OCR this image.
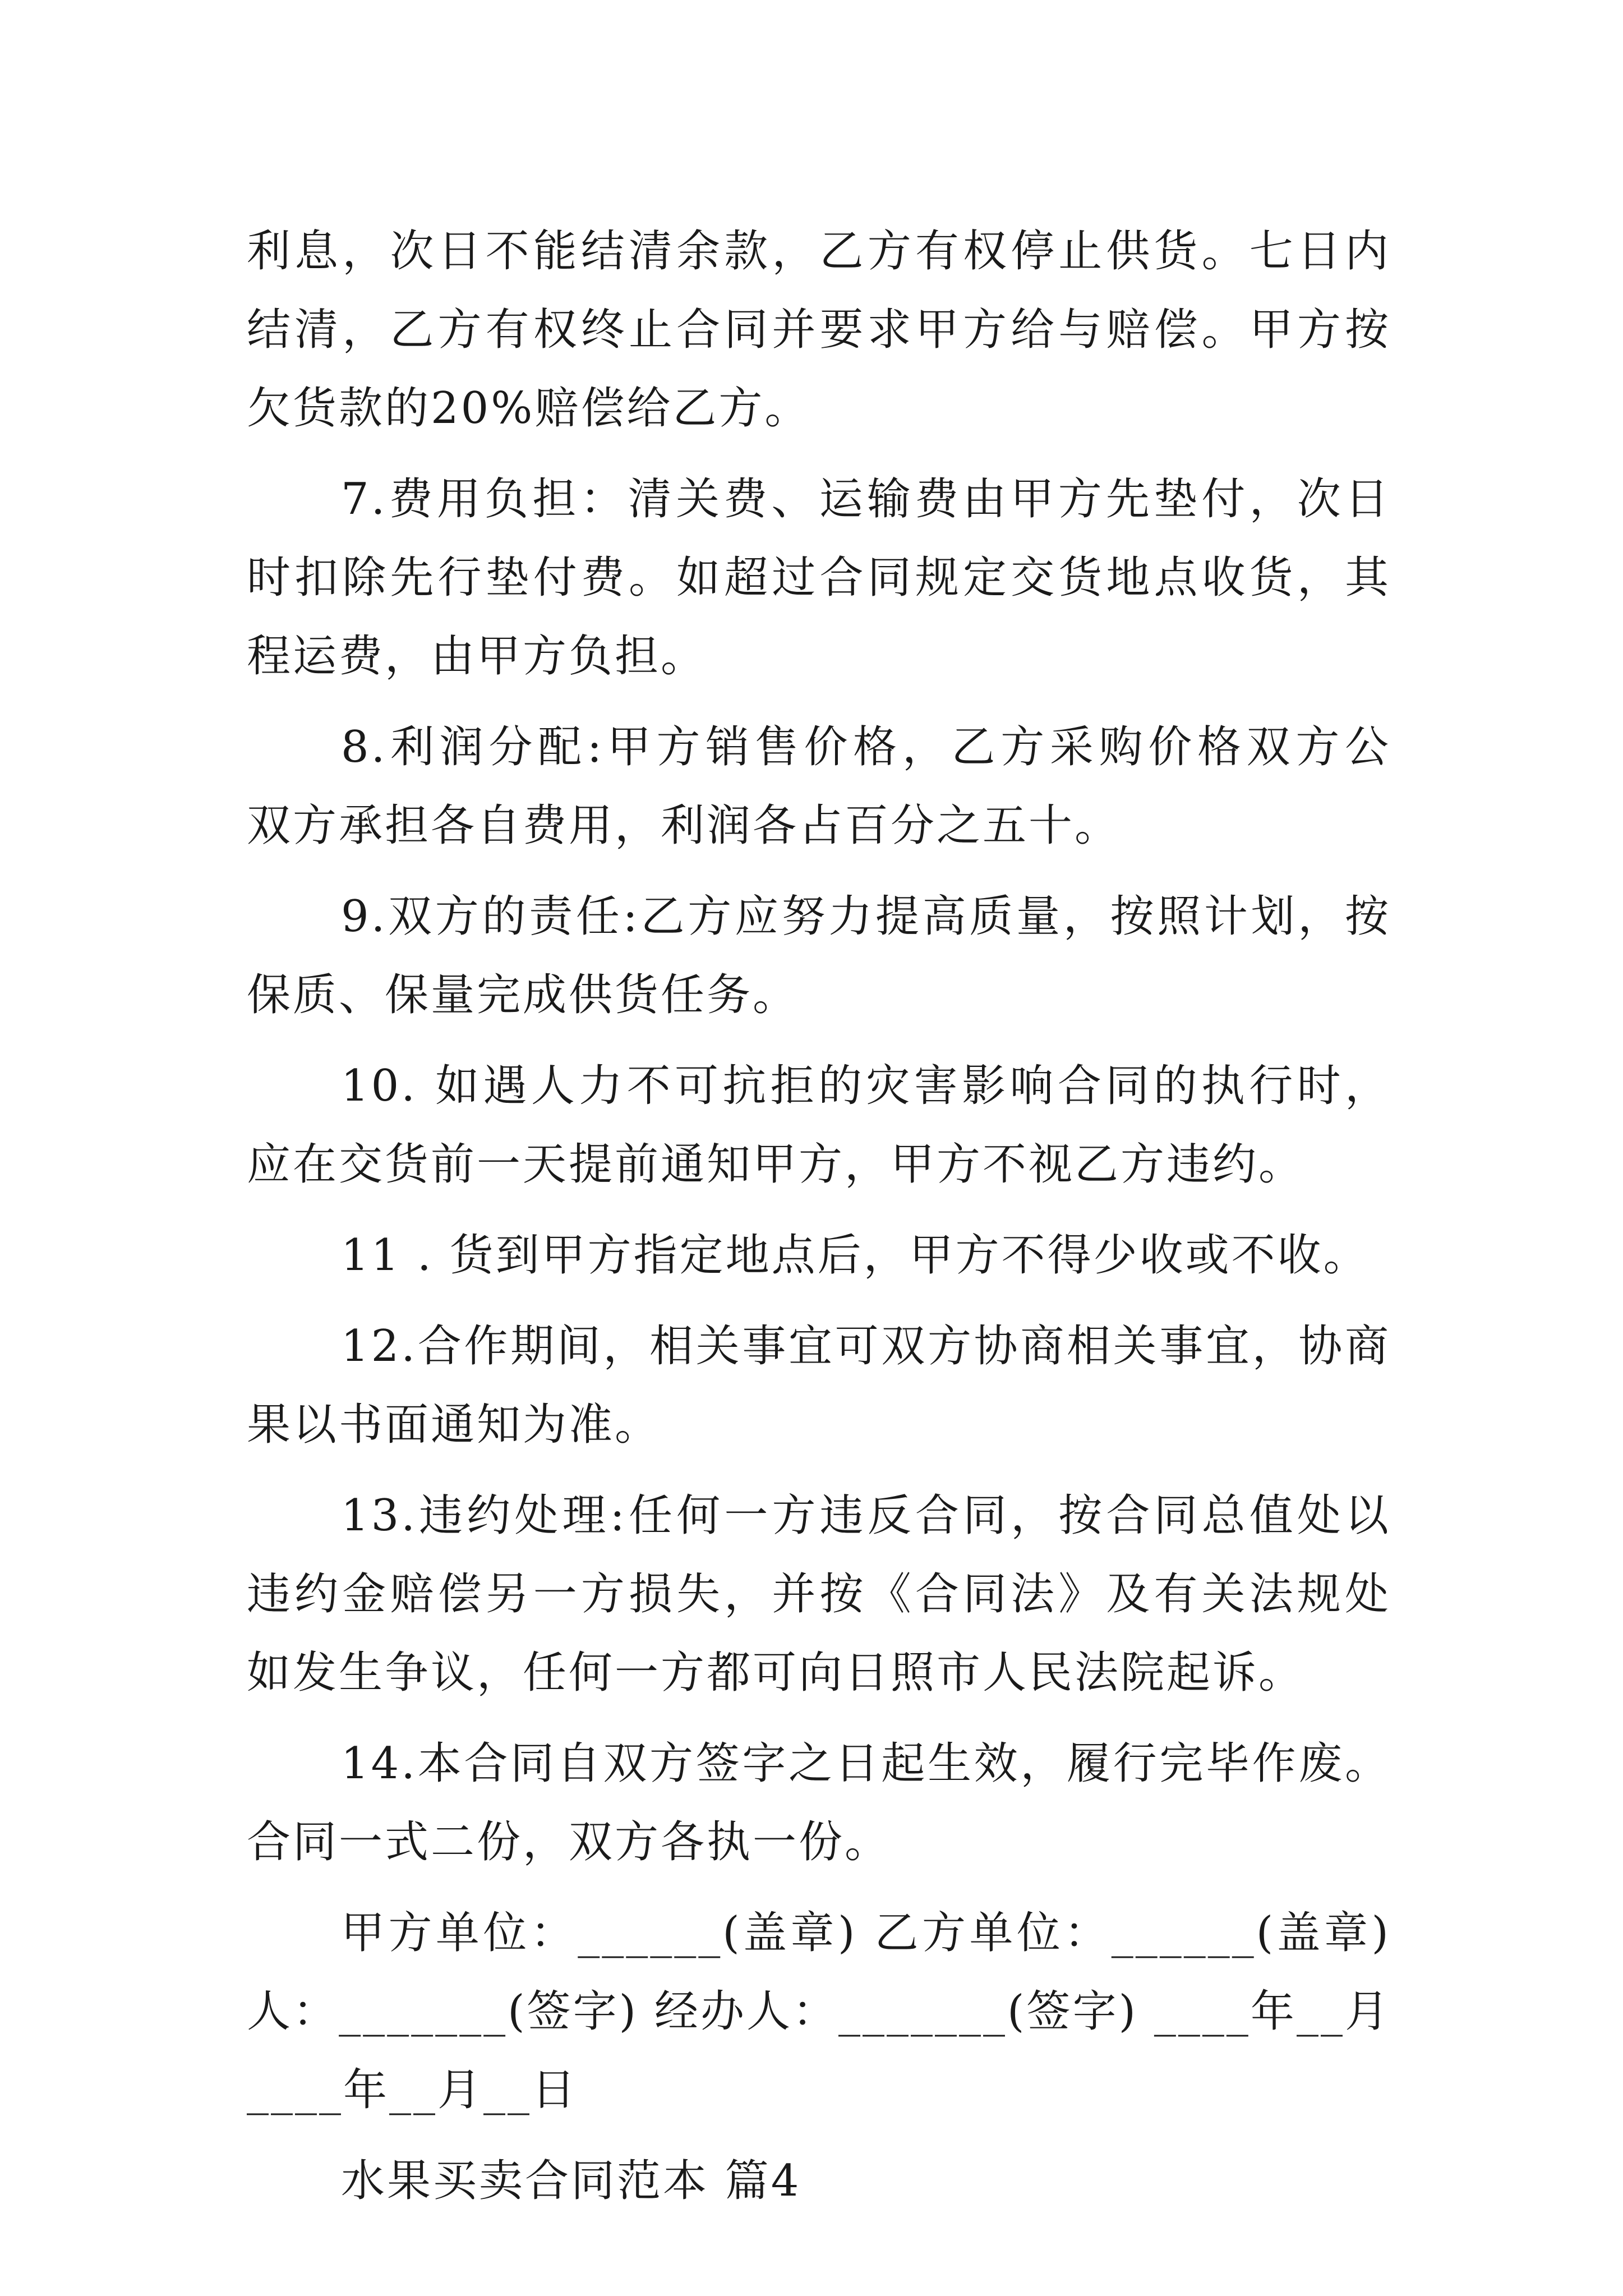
利息，次日不能结清余款，乙方有权停止供货。七日内
结清，乙方有权终止合同并要求甲方给与赔偿。甲方按
欠货款的20%赔偿给乙方。
7.费用负担：清关费、运输费由甲方先垫付，次日
时扣除先行垫付费。如超过合同规定交货地点收货，其
程运费，由甲方负担。
8.利润分配:甲方销售价格，乙方采购价格双方公
双方承担各自费用，利润各占百分之五十。
9.双方的责任:乙方应努力提高质量，按照计划，按
保质、保量完成供货任务。
10. 如遇人力不可抗拒的灾害影响合同的执行时，
应在交货前一天提前通知甲方，甲方不视乙方违约。
11 . 货到甲方指定地点后，甲方不得少收或不收。
12.合作期间，相关事宜可双方协商相关事宜，协商
果以书面通知为准。
13.违约处理:任何一方违反合同，按合同总值处以
违约金赔偿另一方损失，并按《合同法》及有关法规处
如发生争议，任何一方都可向日照市人民法院起诉。
14.本合同自双方签字之日起生效，履行完毕作废。
合同一式二份，双方各执一份。
甲方单位：______(盖章) 乙方单位：______(盖章)
人：_______(签字) 经办人：_______(签字) ____年__月
____年__月__日
水果买卖合同范本 篇4
